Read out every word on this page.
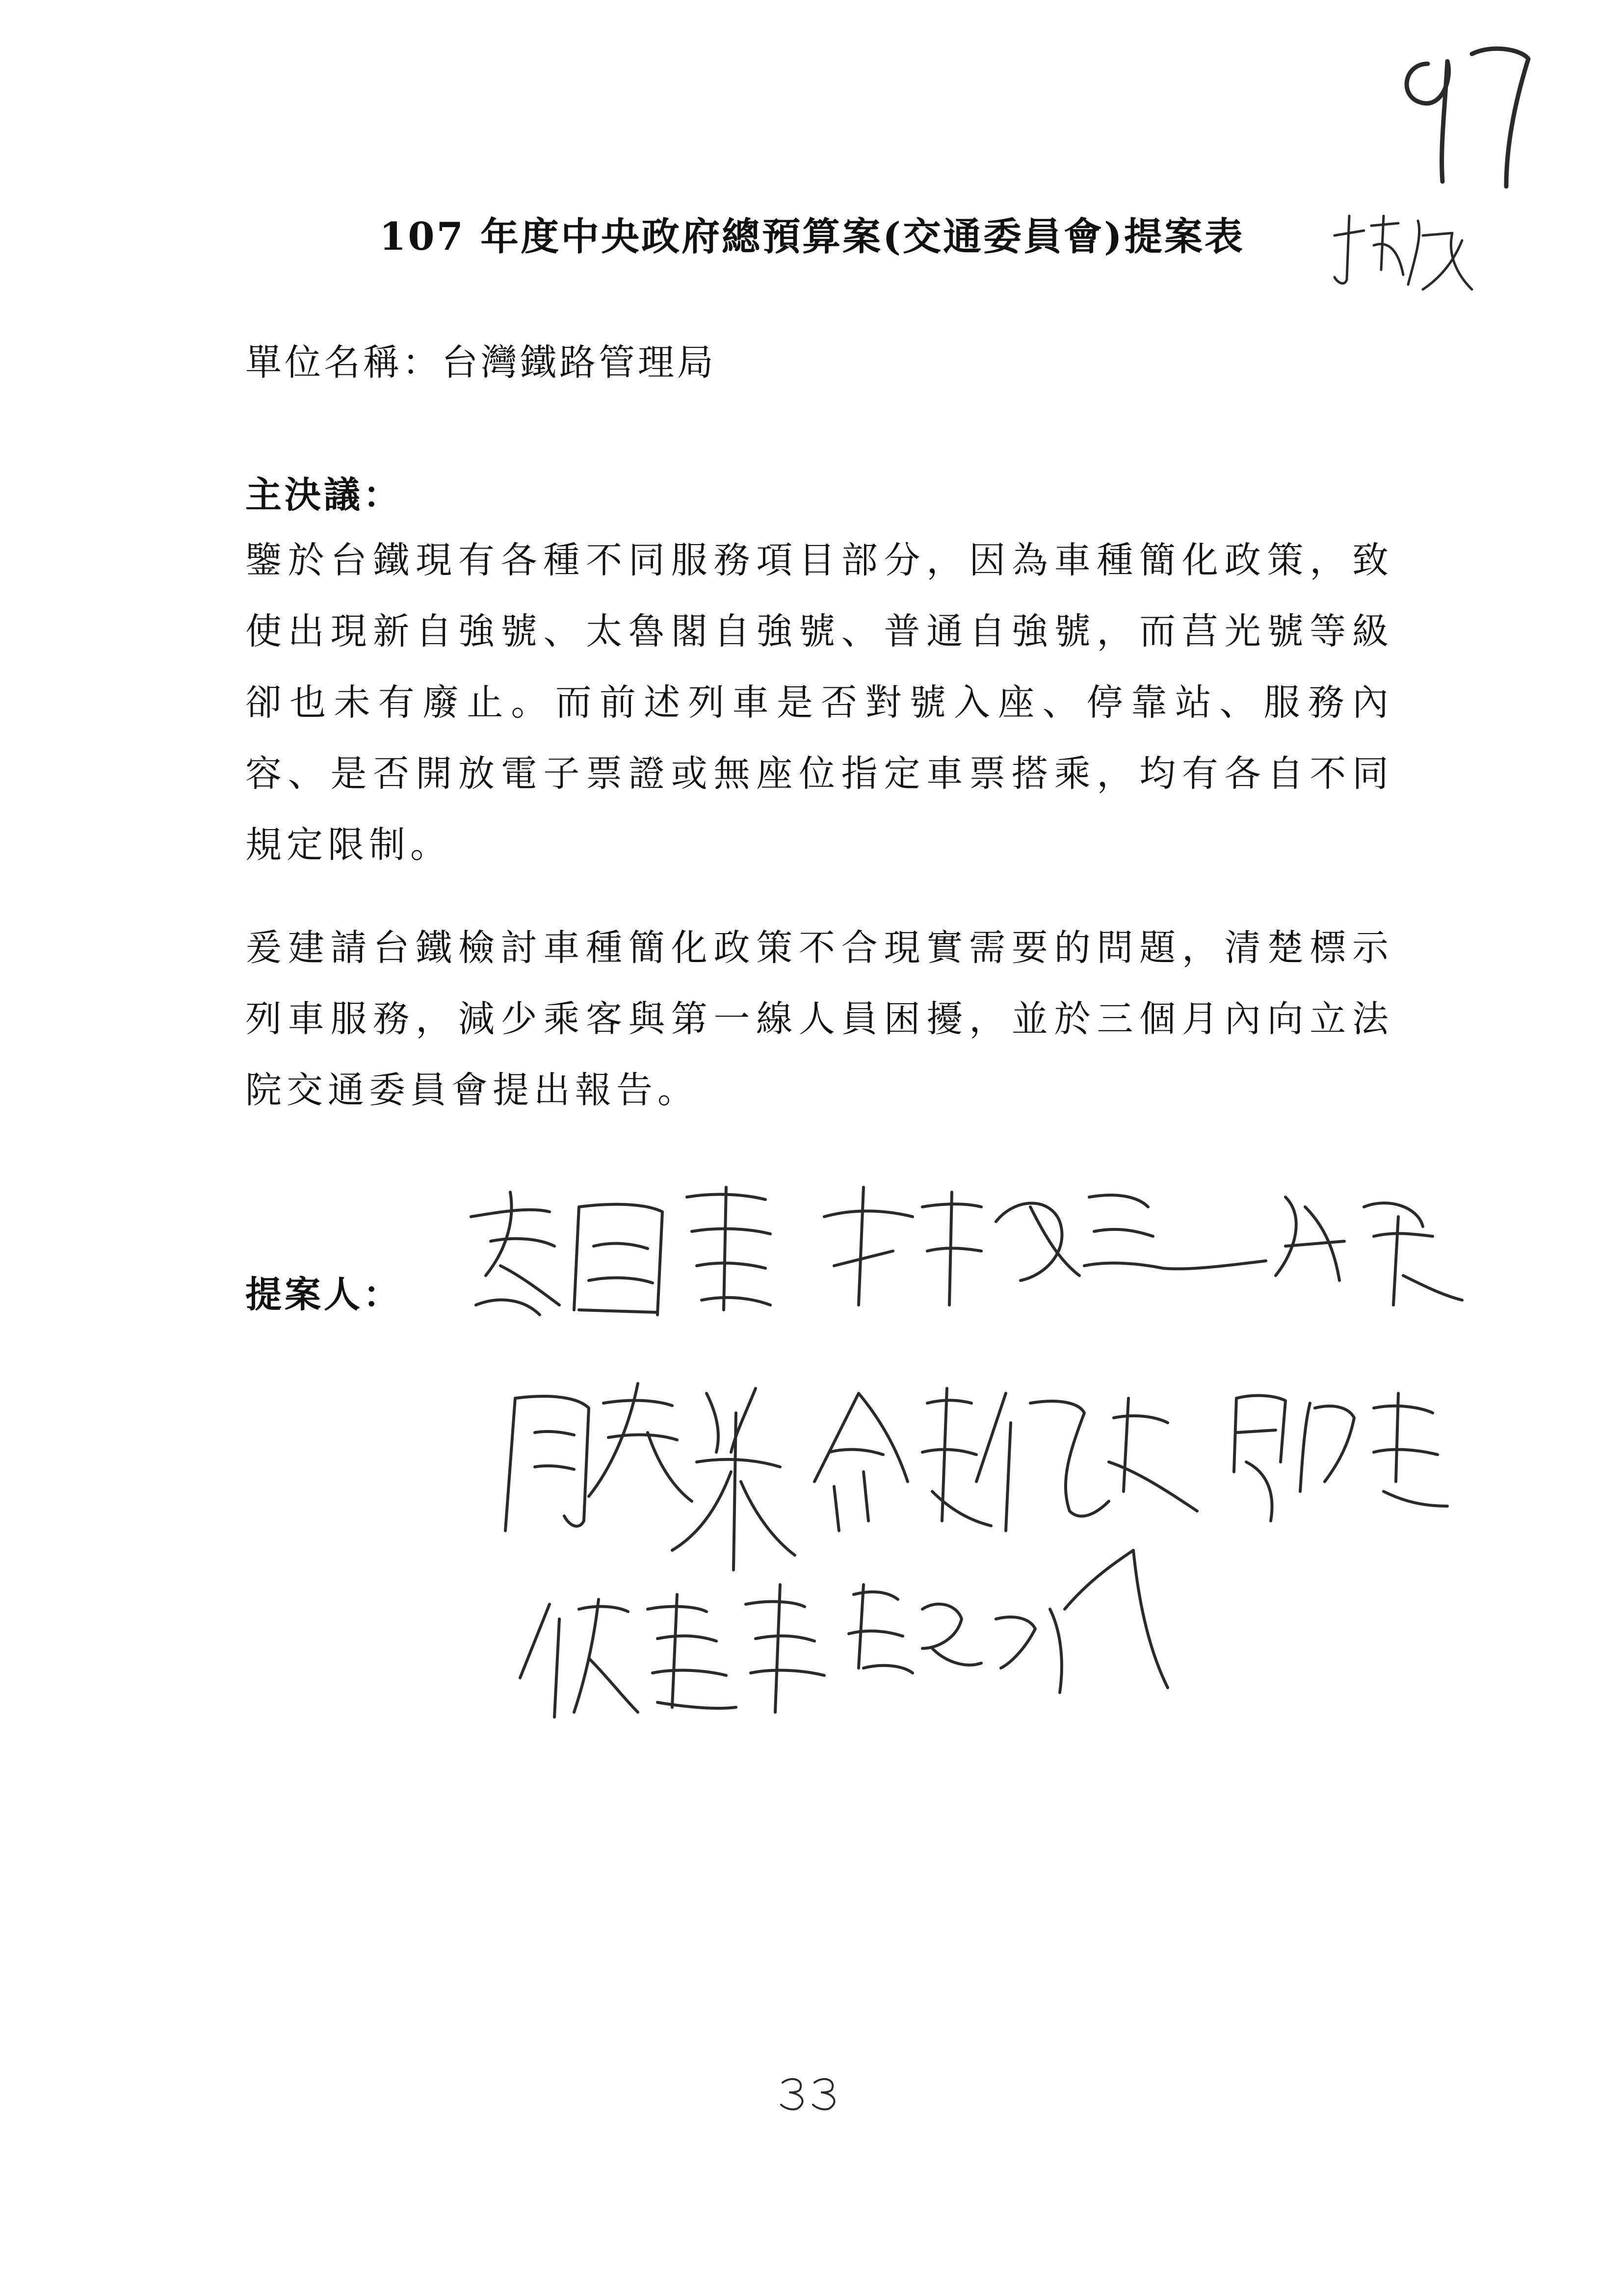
107 年度中央政府總預算案(交通委員會)提案表
單位名稱：台灣鐵路管理局
主決議：

鑒於台鐵現有各種不同服務項目部分，因為車種簡化政策，致使出現新自強號、太魯閣自強號、普通自強號，而莒光號等級卻也未有廢止。而前述列車是否對號入座、停靠站、服務內容、是否開放電子票證或無座位指定車票搭乘，均有各自不同規定限制。

爰建請台鐵檢討車種簡化政策不合現實需要的問題，清楚標示列車服務，減少乘客與第一線人員困擾，並於三個月內向立法院交通委員會提出報告。

提案人：
